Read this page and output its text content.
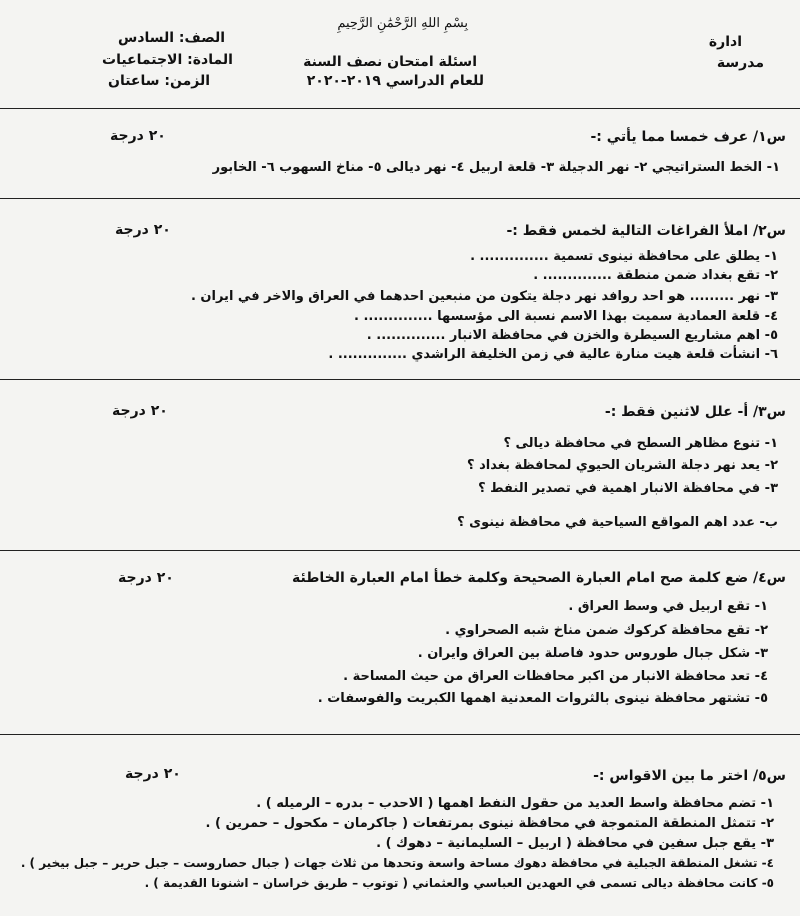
ادارة
مدرسة
بِسْمِ اللهِ الرَّحْمَٰنِ الرَّحِيمِ
اسئلة امتحان نصف السنة
للعام الدراسي ٢٠١٩-٢٠٢٠
الصف: السادس
المادة: الاجتماعيات
الزمن: ساعتان
س١/ عرف خمسا مما يأتي :-
٢٠ درجة
١- الخط الستراتيجي ٢- نهر الدجيلة ٣- قلعة اربيل ٤- نهر ديالى ٥- مناخ السهوب ٦- الخابور
س٢/ املأ الفراغات التالية لخمس فقط :-
٢٠ درجة
١- يطلق على محافظة نينوى تسمية .............. .
٢- تقع بغداد ضمن منطقة .............. .
٣- نهر ......... هو احد روافد نهر دجلة يتكون من منبعين احدهما في العراق والاخر في ايران .
٤- قلعة العمادية سميت بهذا الاسم نسبة الى مؤسسها .............. .
٥- اهم مشاريع السيطرة والخزن في محافظة الانبار .............. .
٦- انشأت قلعة هيت منارة عالية في زمن الخليفة الراشدي .............. .
س٣/ أ- علل لاثنين فقط :-
٢٠ درجة
١- تنوع مظاهر السطح في محافظة ديالى ؟
٢- يعد نهر دجلة الشريان الحيوي لمحافظة بغداد ؟
٣- في محافظة الانبار اهمية في تصدير النفط ؟
ب- عدد اهم المواقع السياحية في محافظة نينوى ؟
س٤/ ضع كلمة صح امام العبارة الصحيحة وكلمة خطأ امام العبارة الخاطئة
٢٠ درجة
١- تقع اربيل في وسط العراق .
٢- تقع محافظة كركوك ضمن مناخ شبه الصحراوي .
٣- شكل جبال طوروس حدود فاصلة بين العراق وايران .
٤- تعد محافظة الانبار من اكبر محافظات العراق من حيث المساحة .
٥- تشتهر محافظة نينوى بالثروات المعدنية اهمها الكبريت والفوسفات .
س٥/ اختر ما بين الاقواس :-
٢٠ درجة
١- تضم محافظة واسط العديد من حقول النفط اهمها ( الاحدب – بدره – الرميله ) .
٢- تتمثل المنطقة المتموجة في محافظة نينوى بمرتفعات ( جاكرمان – مكحول – حمرين ) .
٣- يقع جبل سفين في محافظة ( اربيل – السليمانية – دهوك ) .
٤- تشغل المنطقة الجبلية في محافظة دهوك مساحة واسعة وتحدها من ثلاث جهات ( جبال حصاروست – جبل حرير – جبل بيخير ) .
٥- كانت محافظة ديالى تسمى في العهدين العباسي والعثماني ( توتوب – طريق خراسان – اشنونا القديمة ) .
